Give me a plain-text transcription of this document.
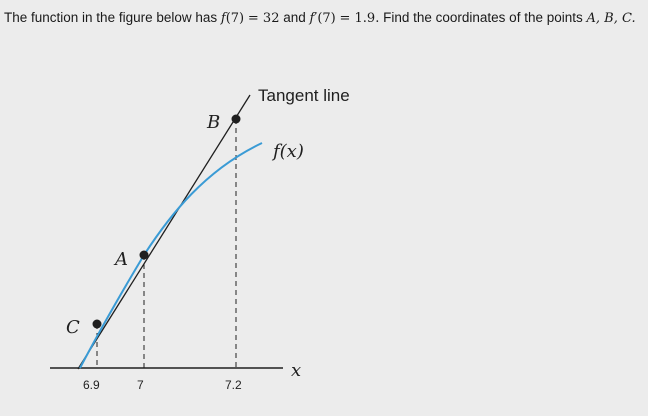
The function in the figure below has f(7) = 32 and f′(7) = 1.9. Find the coordinates of the points A, B, C.
Tangent line
f(x)
B
A
C
x
6.9	7	7.2
